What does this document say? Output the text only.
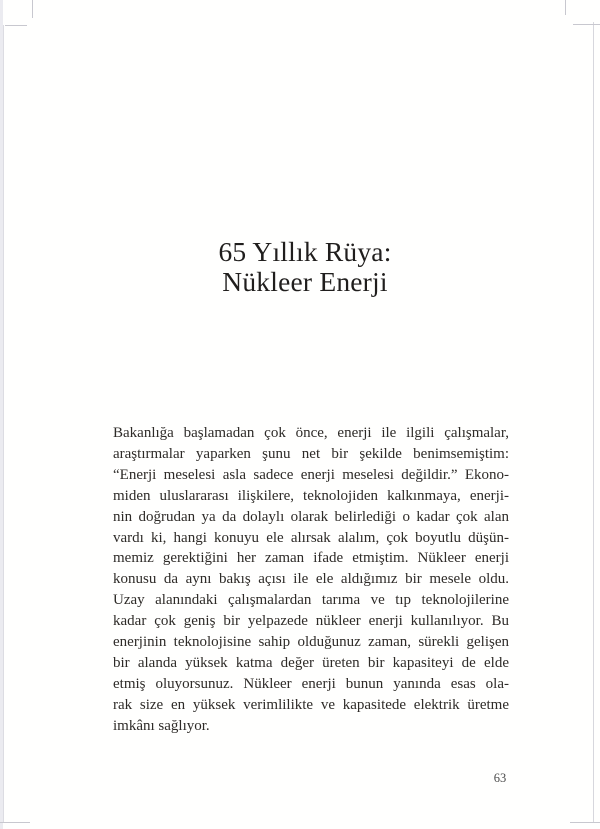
65 Yıllık Rüya:
Nükleer Enerji
Bakanlığa başlamadan çok önce, enerji ile ilgili çalışmalar,
araştırmalar yaparken şunu net bir şekilde benimsemiştim:
“Enerji meselesi asla sadece enerji meselesi değildir.” Ekono-
miden uluslararası ilişkilere, teknolojiden kalkınmaya, enerji-
nin doğrudan ya da dolaylı olarak belirlediği o kadar çok alan
vardı ki, hangi konuyu ele alırsak alalım, çok boyutlu düşün-
memiz gerektiğini her zaman ifade etmiştim. Nükleer enerji
konusu da aynı bakış açısı ile ele aldığımız bir mesele oldu.
Uzay alanındaki çalışmalardan tarıma ve tıp teknolojilerine
kadar çok geniş bir yelpazede nükleer enerji kullanılıyor. Bu
enerjinin teknolojisine sahip olduğunuz zaman, sürekli gelişen
bir alanda yüksek katma değer üreten bir kapasiteyi de elde
etmiş oluyorsunuz. Nükleer enerji bunun yanında esas ola-
rak size en yüksek verimlilikte ve kapasitede elektrik üretme
imkânı sağlıyor.
63
